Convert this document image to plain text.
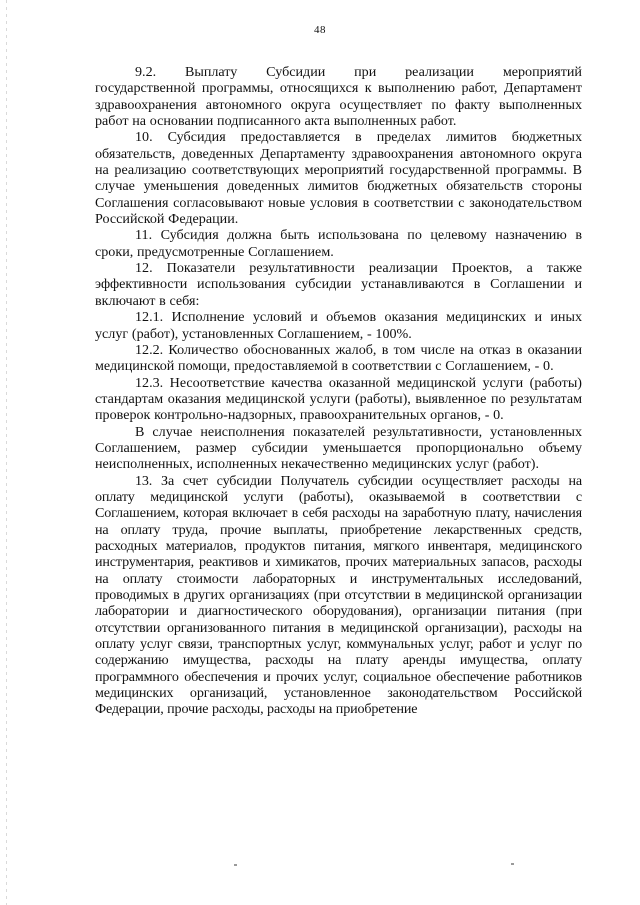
48

9.2. Выплату Субсидии при реализации мероприятий
государственной программы, относящихся к выполнению работ, Департамент здравоохранения автономного округа осуществляет по факту выполненных работ на основании подписанного акта выполненных работ.

10. Субсидия предоставляется в пределах лимитов бюджетных обязательств, доведенных Департаменту здравоохранения автономного округа на реализацию соответствующих мероприятий государственной программы. В случае уменьшения доведенных лимитов бюджетных обязательств стороны Соглашения согласовывают новые условия в соответствии с законодательством Российской Федерации.

11. Субсидия должна быть использована по целевому назначению в сроки, предусмотренные Соглашением.

12. Показатели результативности реализации Проектов, а также эффективности использования субсидии устанавливаются в Соглашении и включают в себя:

12.1. Исполнение условий и объемов оказания медицинских и иных услуг (работ), установленных Соглашением, - 100%.

12.2. Количество обоснованных жалоб, в том числе на отказ в оказании медицинской помощи, предоставляемой в соответствии с Соглашением, - 0.

12.3. Несоответствие качества оказанной медицинской услуги (работы) стандартам оказания медицинской услуги (работы), выявленное по результатам проверок контрольно-надзорных, правоохранительных органов, - 0.

В случае неисполнения показателей результативности, установленных Соглашением, размер субсидии уменьшается пропорционально объему неисполненных, исполненных некачественно медицинских услуг (работ).

13. За счет субсидии Получатель субсидии осуществляет расходы на оплату медицинской услуги (работы), оказываемой в соответствии с Соглашением, которая включает в себя расходы на заработную плату, начисления на оплату труда, прочие выплаты, приобретение лекарственных средств, расходных материалов, продуктов питания, мягкого инвентаря, медицинского инструментария, реактивов и химикатов, прочих материальных запасов, расходы на оплату стоимости лабораторных и инструментальных исследований, проводимых в других организациях (при отсутствии в медицинской организации лаборатории и диагностического оборудования), организации питания (при отсутствии организованного питания в медицинской организации), расходы на оплату услуг связи, транспортных услуг, коммунальных услуг, работ и услуг по содержанию имущества, расходы на плату аренды имущества, оплату программного обеспечения и прочих услуг, социальное обеспечение работников медицинских организаций, установленное законодательством Российской Федерации, прочие расходы, расходы на приобретение
